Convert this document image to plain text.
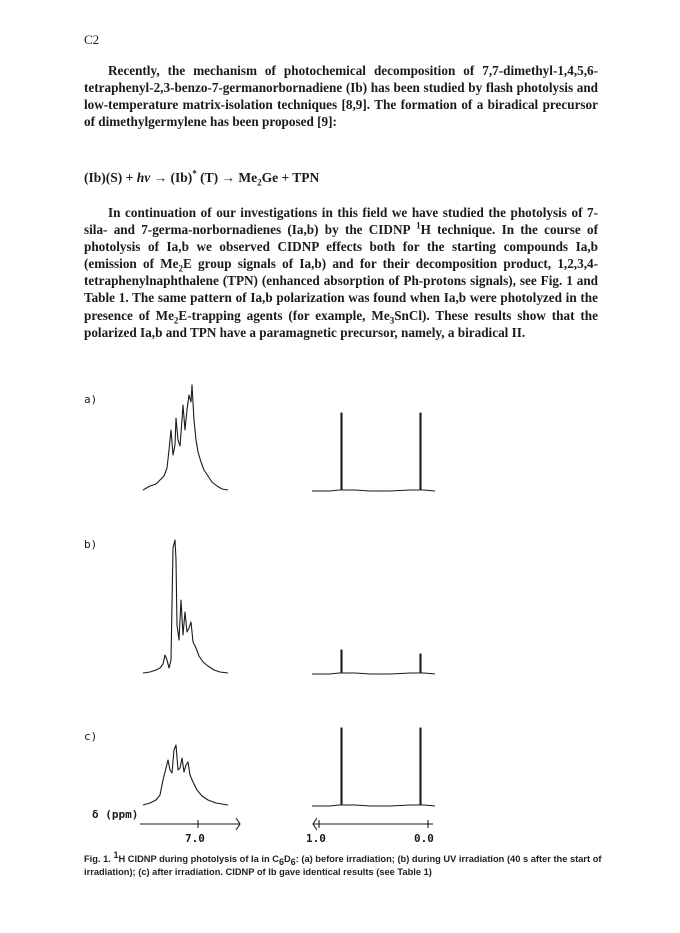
C2
Recently, the mechanism of photochemical decomposition of 7,7-dimethyl-1,4,5,6-tetraphenyl-2,3-benzo-7-germanorbornadiene (Ib) has been studied by flash photolysis and low-temperature matrix-isolation techniques [8,9]. The formation of a biradical precursor of dimethylgermylene has been proposed [9]:
(Ib)(S) + hν → (Ib)* $(T) \to Me_2Ge$ + TPN
In continuation of our investigations in this field we have studied the photolysis of 7-sila- and 7-germa-norbornadienes (Ia,b) by the CIDNP $^1$H technique. In the course of photolysis of Ia,b we observed CIDNP effects both for the starting compounds Ia,b (emission of $Me_2E$ group signals of Ia,b) and for their decomposition product, 1,2,3,4-tetraphenylnaphthalene (TPN) (enhanced absorption of Ph-protons signals), see Fig. 1 and Table 1. The same pattern of Ia,b polarization was found when Ia,b were photolyzed in the presence of $Me_2E$-trapping agents (for example, $Me_3SnCl$). These results show that the polarized Ia,b and TPN have a paramagnetic precursor, namely, a biradical II.
a)
b)
c)
δ (ppm)
7.0	1.0	0.0
Fig. 1. $^1$H CIDNP during photolysis of Ia in $C_6D_6$: (a) before irradiation; (b) during UV irradiation (40 s after the start of irradiation); (c) after irradiation. CIDNP of Ib gave identical results (see Table 1)
